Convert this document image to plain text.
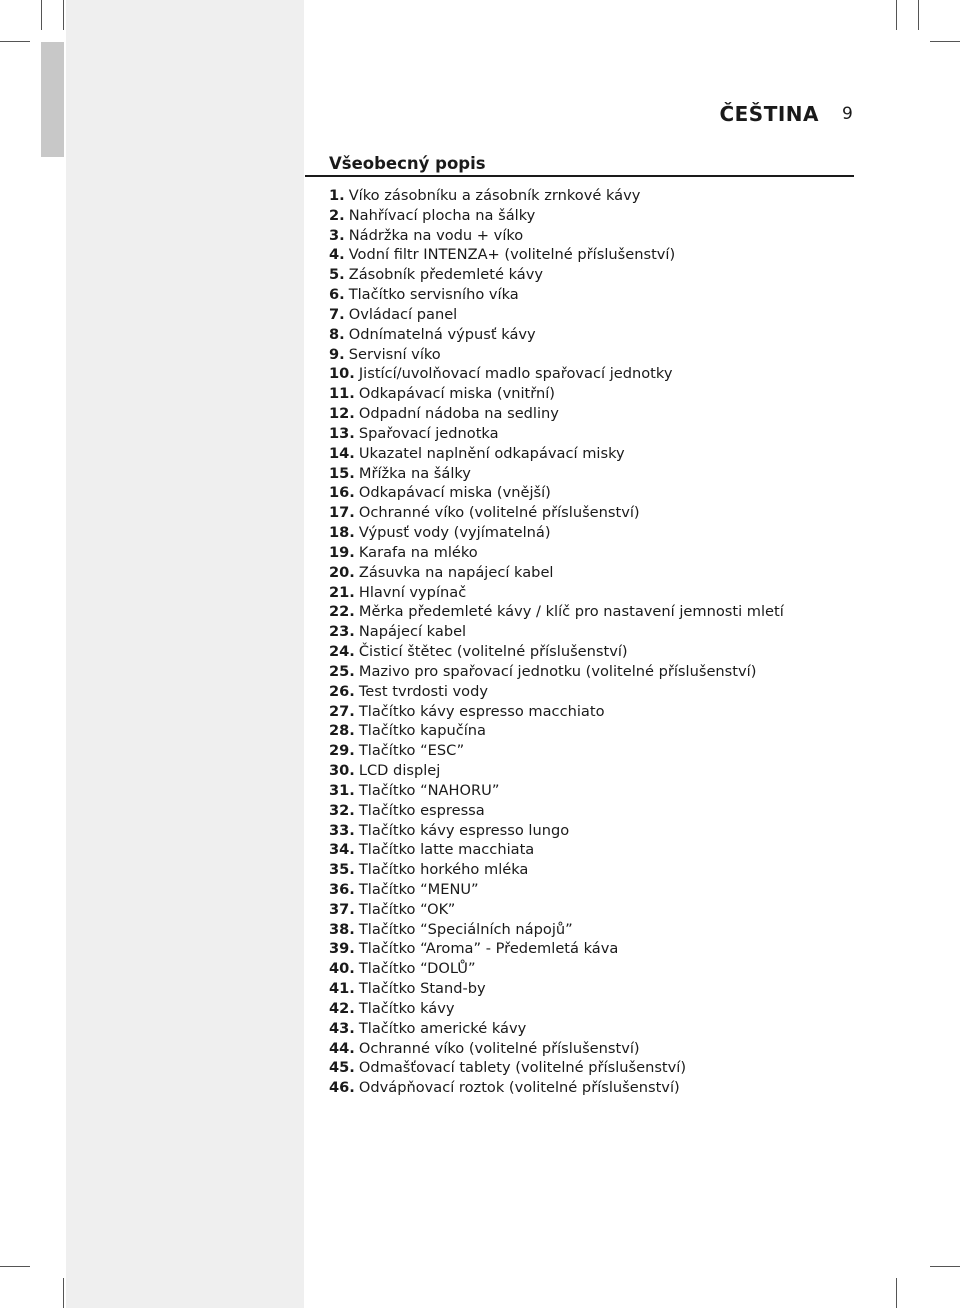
ČEŠTINA 9
Všeobecný popis
1. Víko zásobníku a zásobník zrnkové kávy
2. Nahřívací plocha na šálky
3. Nádržka na vodu + víko
4. Vodní filtr INTENZA+ (volitelné příslušenství)
5. Zásobník předemleté kávy
6. Tlačítko servisního víka
7. Ovládací panel
8. Odnímatelná výpusť kávy
9. Servisní víko
10. Jistící/uvolňovací madlo spařovací jednotky
11. Odkapávací miska (vnitřní)
12. Odpadní nádoba na sedliny
13. Spařovací jednotka
14. Ukazatel naplnění odkapávací misky
15. Mřížka na šálky
16. Odkapávací miska (vnější)
17. Ochranné víko (volitelné příslušenství)
18. Výpusť vody (vyjímatelná)
19. Karafa na mléko
20. Zásuvka na napájecí kabel
21. Hlavní vypínač
22. Měrka předemleté kávy / klíč pro nastavení jemnosti mletí
23. Napájecí kabel
24. Čisticí štětec (volitelné příslušenství)
25. Mazivo pro spařovací jednotku (volitelné příslušenství)
26. Test tvrdosti vody
27. Tlačítko kávy espresso macchiato
28. Tlačítko kapučína
29. Tlačítko “ESC”
30. LCD displej
31. Tlačítko “NAHORU”
32. Tlačítko espressa
33. Tlačítko kávy espresso lungo
34. Tlačítko latte macchiata
35. Tlačítko horkého mléka
36. Tlačítko “MENU”
37. Tlačítko “OK”
38. Tlačítko “Speciálních nápojů”
39. Tlačítko “Aroma” - Předemletá káva
40. Tlačítko “DOLŮ”
41. Tlačítko Stand-by
42. Tlačítko kávy
43. Tlačítko americké kávy
44. Ochranné víko (volitelné příslušenství)
45. Odmašťovací tablety (volitelné příslušenství)
46. Odvápňovací roztok (volitelné příslušenství)
